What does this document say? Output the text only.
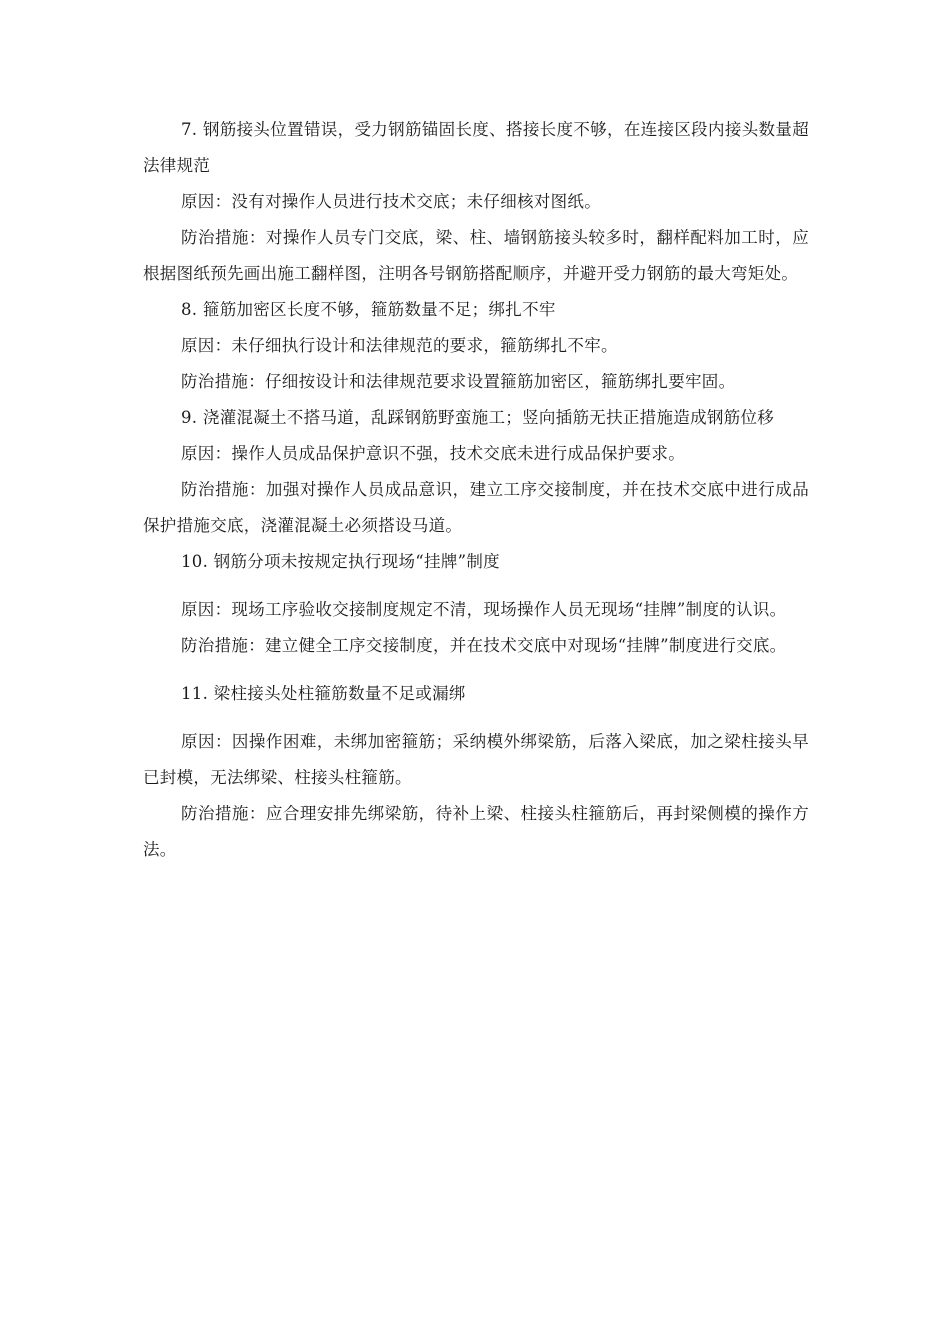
7. 钢筋接头位置错误，受力钢筋锚固长度、搭接长度不够，在连接区段内接头数量超法律规范

原因：没有对操作人员进行技术交底；未仔细核对图纸。

防治措施：对操作人员专门交底，梁、柱、墙钢筋接头较多时，翻样配料加工时，应根据图纸预先画出施工翻样图，注明各号钢筋搭配顺序，并避开受力钢筋的最大弯矩处。

8. 箍筋加密区长度不够，箍筋数量不足；绑扎不牢

原因：未仔细执行设计和法律规范的要求，箍筋绑扎不牢。

防治措施：仔细按设计和法律规范要求设置箍筋加密区，箍筋绑扎要牢固。

9. 浇灌混凝土不搭马道，乱踩钢筋野蛮施工；竖向插筋无扶正措施造成钢筋位移

原因：操作人员成品保护意识不强，技术交底未进行成品保护要求。

防治措施：加强对操作人员成品意识，建立工序交接制度，并在技术交底中进行成品保护措施交底，浇灌混凝土必须搭设马道。

10. 钢筋分项未按规定执行现场“挂牌”制度

原因：现场工序验收交接制度规定不清，现场操作人员无现场“挂牌”制度的认识。

防治措施：建立健全工序交接制度，并在技术交底中对现场“挂牌”制度进行交底。

11. 梁柱接头处柱箍筋数量不足或漏绑

原因：因操作困难，未绑加密箍筋；采纳模外绑梁筋，后落入梁底，加之梁柱接头早已封模，无法绑梁、柱接头柱箍筋。

防治措施：应合理安排先绑梁筋，待补上梁、柱接头柱箍筋后，再封梁侧模的操作方法。
